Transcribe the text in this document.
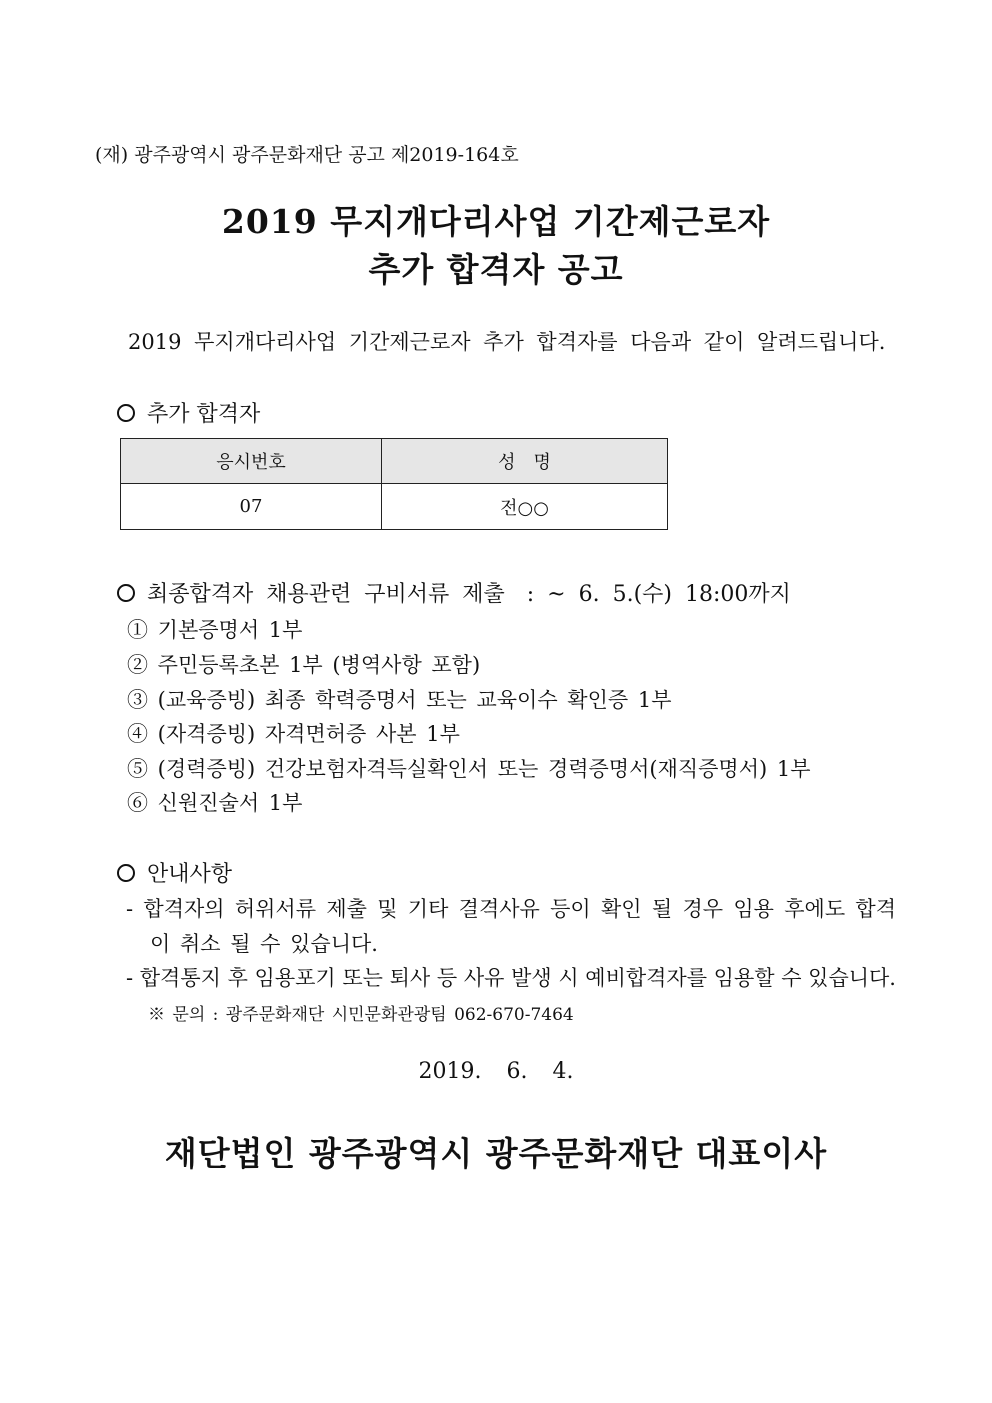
(재) 광주광역시 광주문화재단 공고 제2019-164호
2019 무지개다리사업 기간제근로자
추가 합격자 공고
2019 무지개다리사업 기간제근로자 추가 합격자를 다음과 같이 알려드립니다.
추가 합격자
응시번호	성　명
07	전○○
최종합격자 채용관련 구비서류 제출　: ~ 6. 5.(수) 18:00까지
① 기본증명서 1부
② 주민등록초본 1부 (병역사항 포함)
③ (교육증빙) 최종 학력증명서 또는 교육이수 확인증 1부
④ (자격증빙) 자격면허증 사본 1부
⑤ (경력증빙) 건강보험자격득실확인서 또는 경력증명서(재직증명서) 1부
⑥ 신원진술서 1부
안내사항
- 합격자의 허위서류 제출 및 기타 결격사유 등이 확인 될 경우 임용 후에도 합격
이 취소 될 수 있습니다.
- 합격통지 후 임용포기 또는 퇴사 등 사유 발생 시 예비합격자를 임용할 수 있습니다.
※ 문의 : 광주문화재단 시민문화관광팀 062-670-7464
2019. 6. 4.
재단법인 광주광역시 광주문화재단 대표이사
